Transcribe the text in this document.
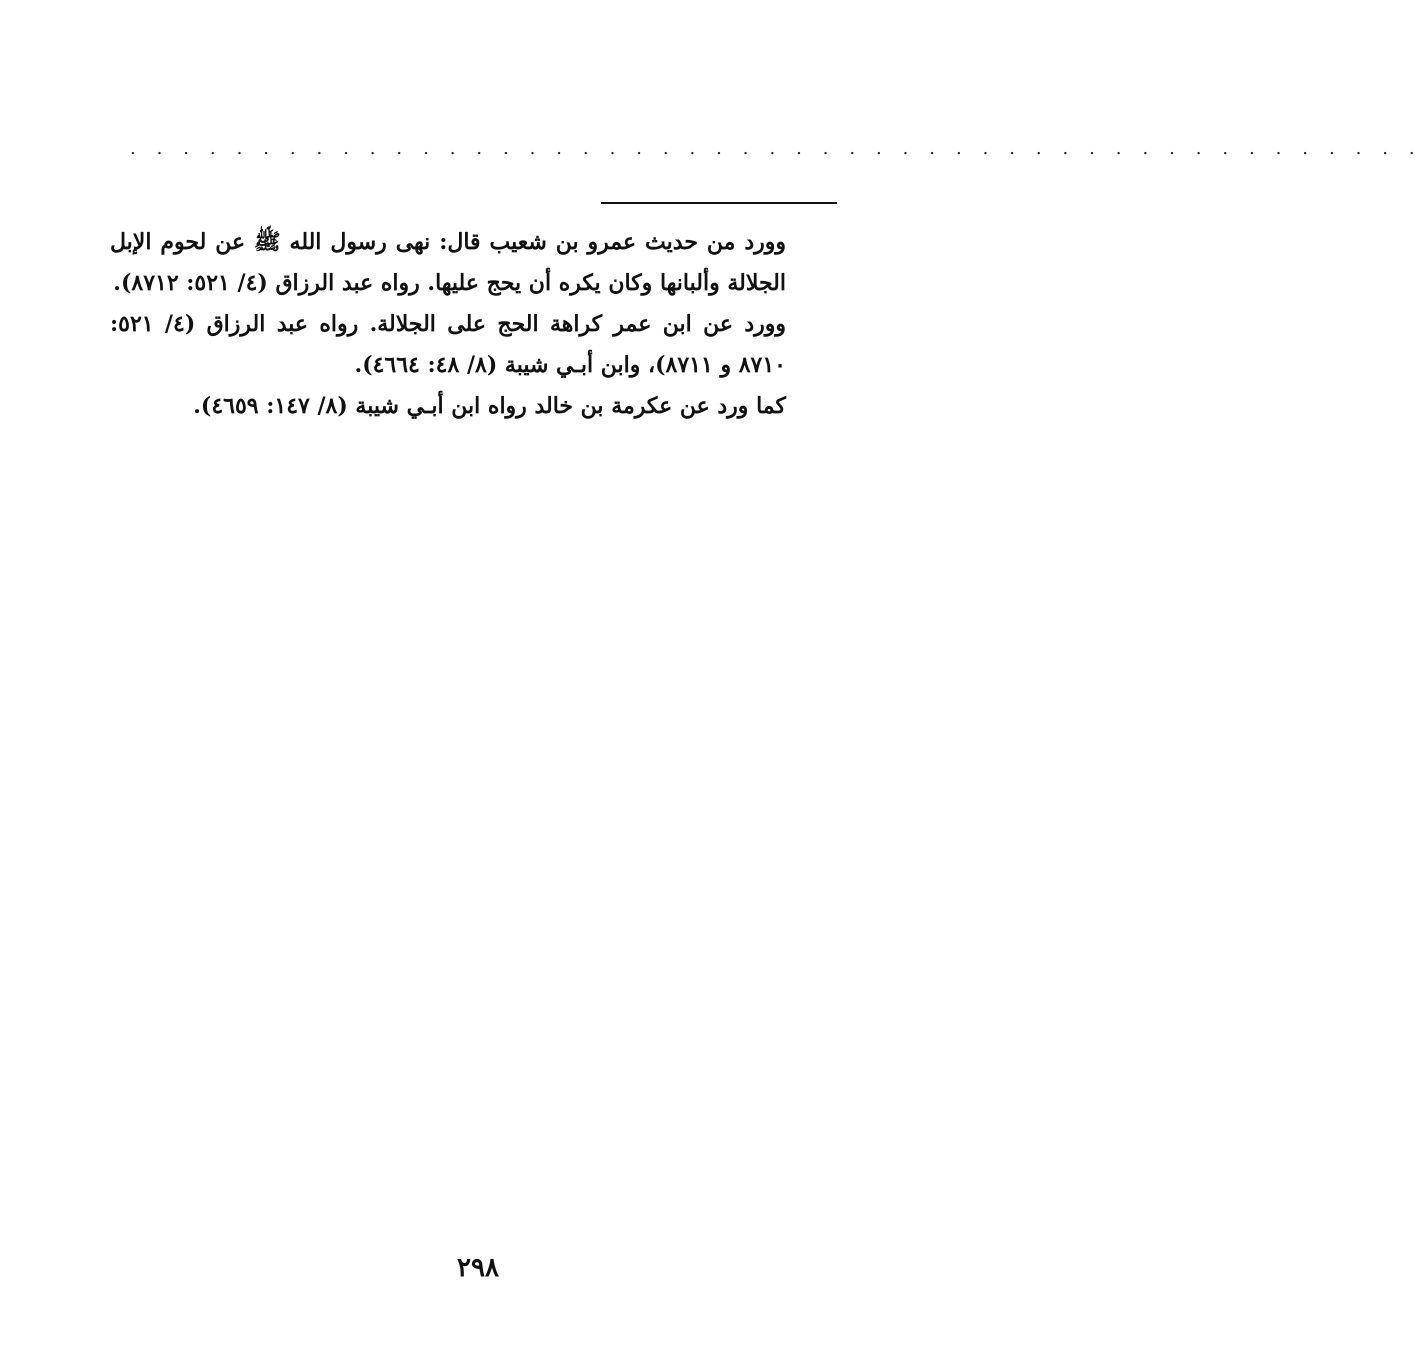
. . . . . . . . . . . . . . . . . . . . . . . . . . . . . . . . . . . . . . . . . . . . . . . . .

وورد من حديث عمرو بن شعيب قال: نهى رسول الله ﷺ عن لحوم الإبل الجلالة وألبانها وكان يكره أن يحج عليها. رواه عبد الرزاق (٤/ ٥٢١: ٨٧١٢).

وورد عن ابن عمر كراهة الحج على الجلالة. رواه عبد الرزاق (٤/ ٥٢١: ٨٧١٠ و ٨٧١١)، وابن أبـي شيبة (٨/ ٤٨: ٤٦٦٤).

كما ورد عن عكرمة بن خالد رواه ابن أبـي شيبة (٨/ ١٤٧: ٤٦٥٩).

٢٩٨
